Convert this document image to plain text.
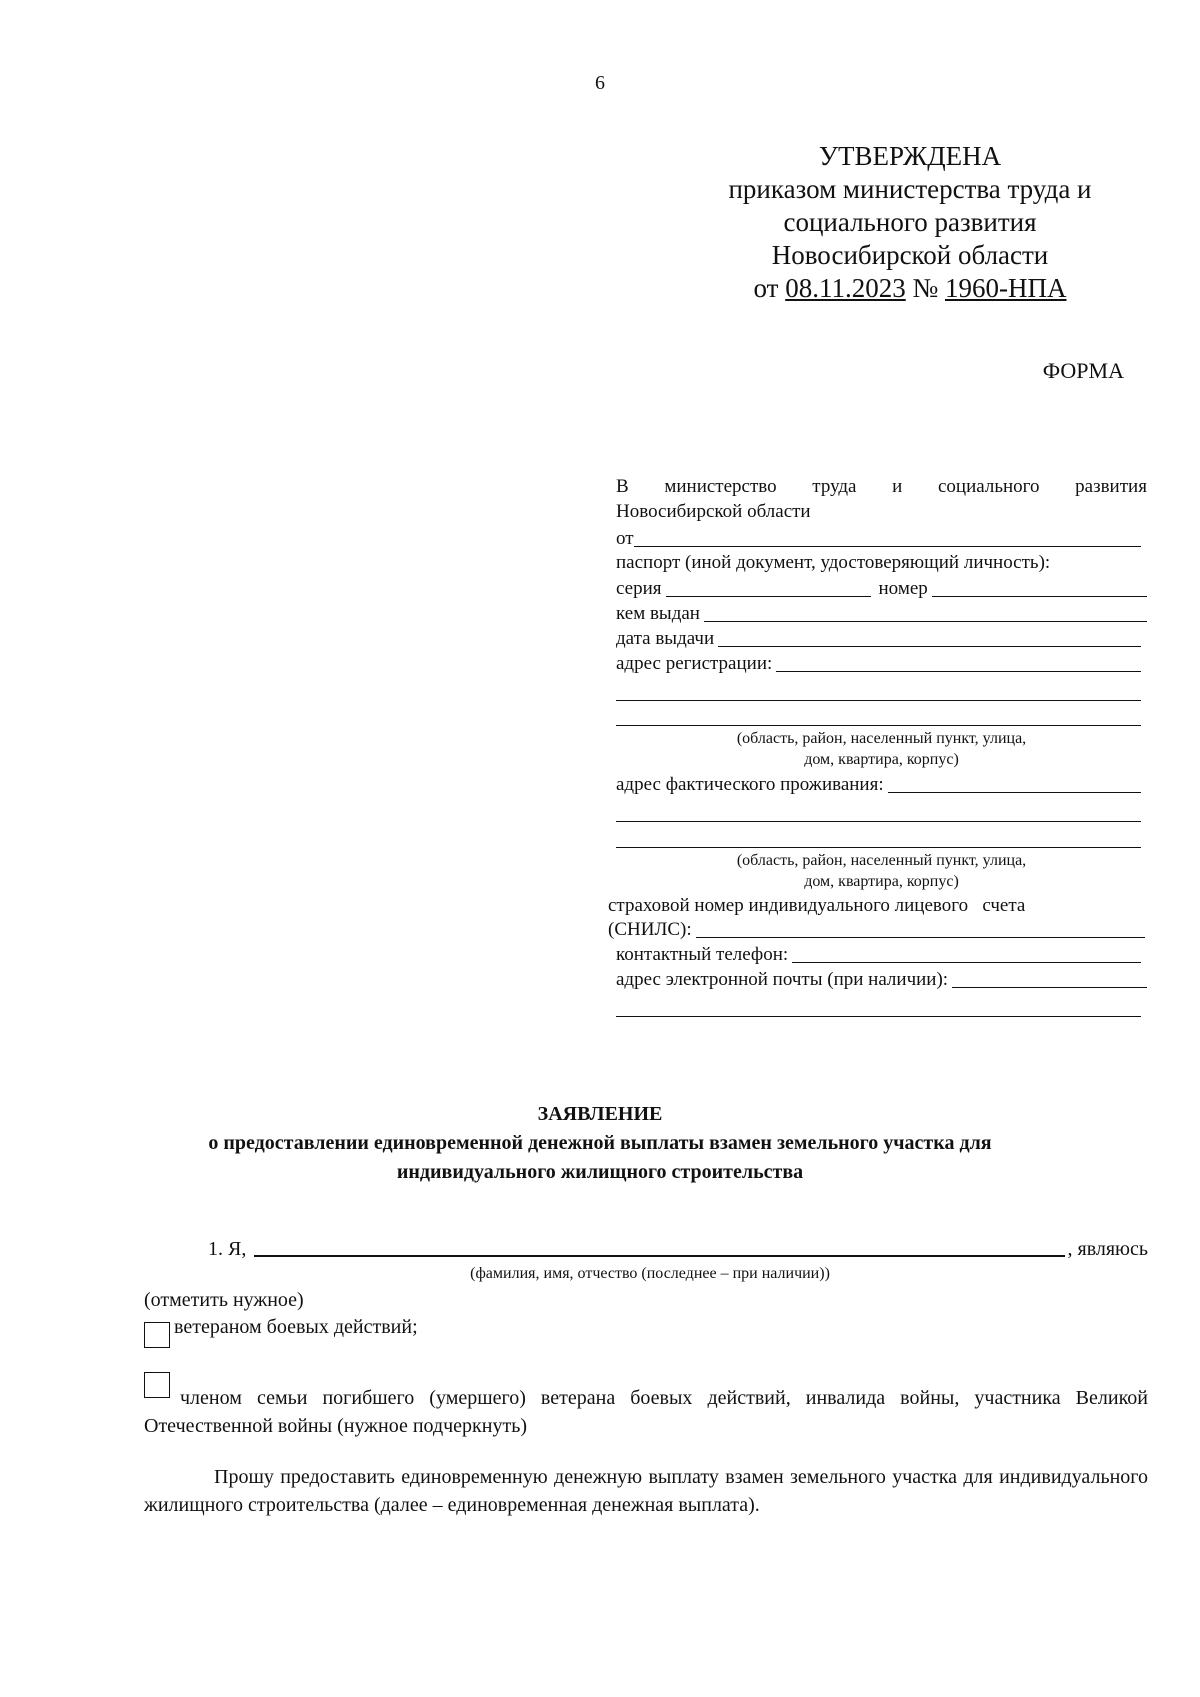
6
УТВЕРЖДЕНА
приказом министерства труда и
социального развития
Новосибирской области
от 08.11.2023 № 1960-НПА
ФОРМА
В министерство труда и социального развития
Новосибирской области
от
паспорт (иной документ, удостоверяющий личность):
серия	номер
кем выдан
дата выдачи
адрес регистрации:
(область, район, населенный пункт, улица,
дом, квартира, корпус)
адрес фактического проживания:
(область, район, населенный пункт, улица,
дом, квартира, корпус)
страховой номер индивидуального лицевого   счета
(СНИЛС):
контактный телефон:
адрес электронной почты (при наличии):
ЗАЯВЛЕНИЕ
о предоставлении единовременной денежной выплаты взамен земельного участка для
индивидуального жилищного строительства
1. Я,	, являюсь
(фамилия, имя, отчество (последнее – при наличии))
(отметить нужное)
ветераном боевых действий;
членом семьи погибшего (умершего) ветерана боевых действий, инвалида войны, участника Великой Отечественной войны (нужное подчеркнуть)
Прошу предоставить единовременную денежную выплату взамен земельного участка для индивидуального жилищного строительства (далее – единовременная денежная выплата).
